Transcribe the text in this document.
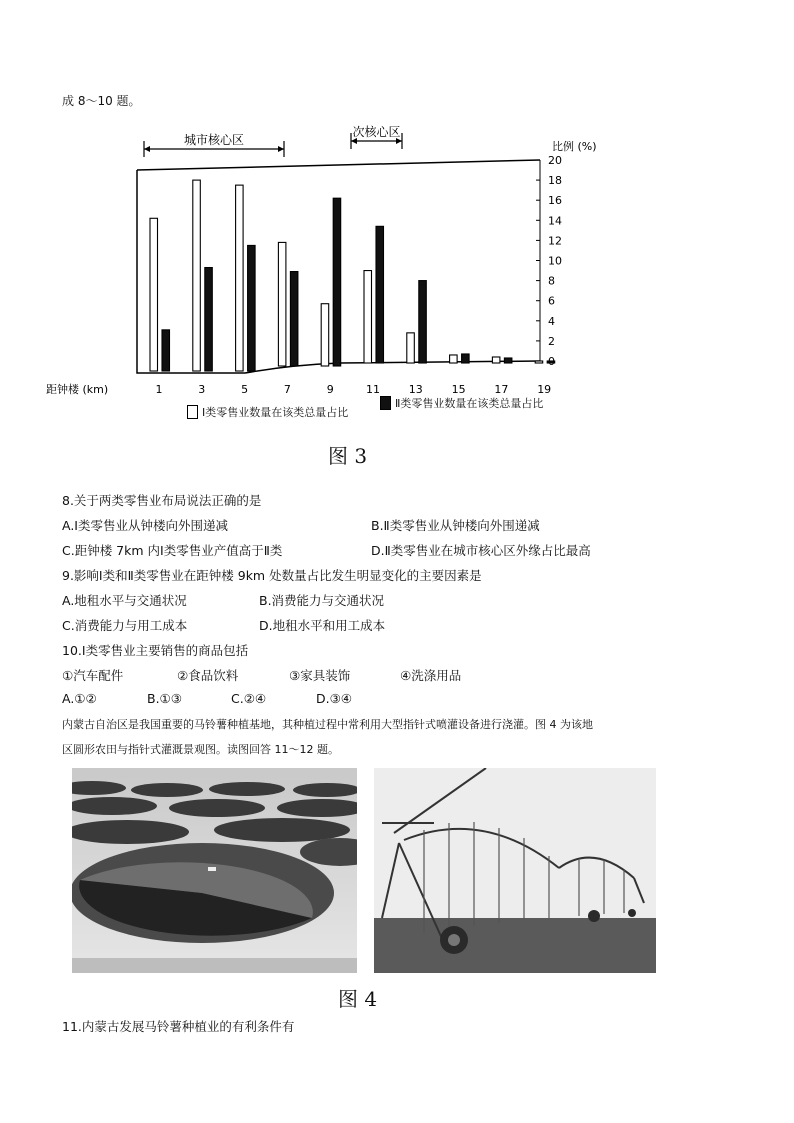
成 8～10 题。
城市核心区
次核心区
比例 (%)
0
2
4
6
8
10
12
14
16
18
20
1	3	5	7	9	11	13	15	17	19
距钟楼 (km)
Ⅰ类零售业数量在该类总量占比
Ⅱ类零售业数量在该类总量占比
图 3
8.关于两类零售业布局说法正确的是
A.Ⅰ类零售业从钟楼向外围递减	B.Ⅱ类零售业从钟楼向外围递减
C.距钟楼 7km 内Ⅰ类零售业产值高于Ⅱ类	D.Ⅱ类零售业在城市核心区外缘占比最高
9.影响Ⅰ类和Ⅱ类零售业在距钟楼 9km 处数量占比发生明显变化的主要因素是
A.地租水平与交通状况	B.消费能力与交通状况
C.消费能力与用工成本	D.地租水平和用工成本
10.Ⅰ类零售业主要销售的商品包括
①汽车配件	②食品饮料	③家具装饰	④洗涤用品
A.①②	B.①③	C.②④	D.③④
内蒙古自治区是我国重要的马铃薯种植基地，其种植过程中常利用大型指针式喷灌设备进行浇灌。图 4 为该地
区圆形农田与指针式灌溉景观图。读图回答 11～12 题。
图 4
11.内蒙古发展马铃薯种植业的有利条件有
